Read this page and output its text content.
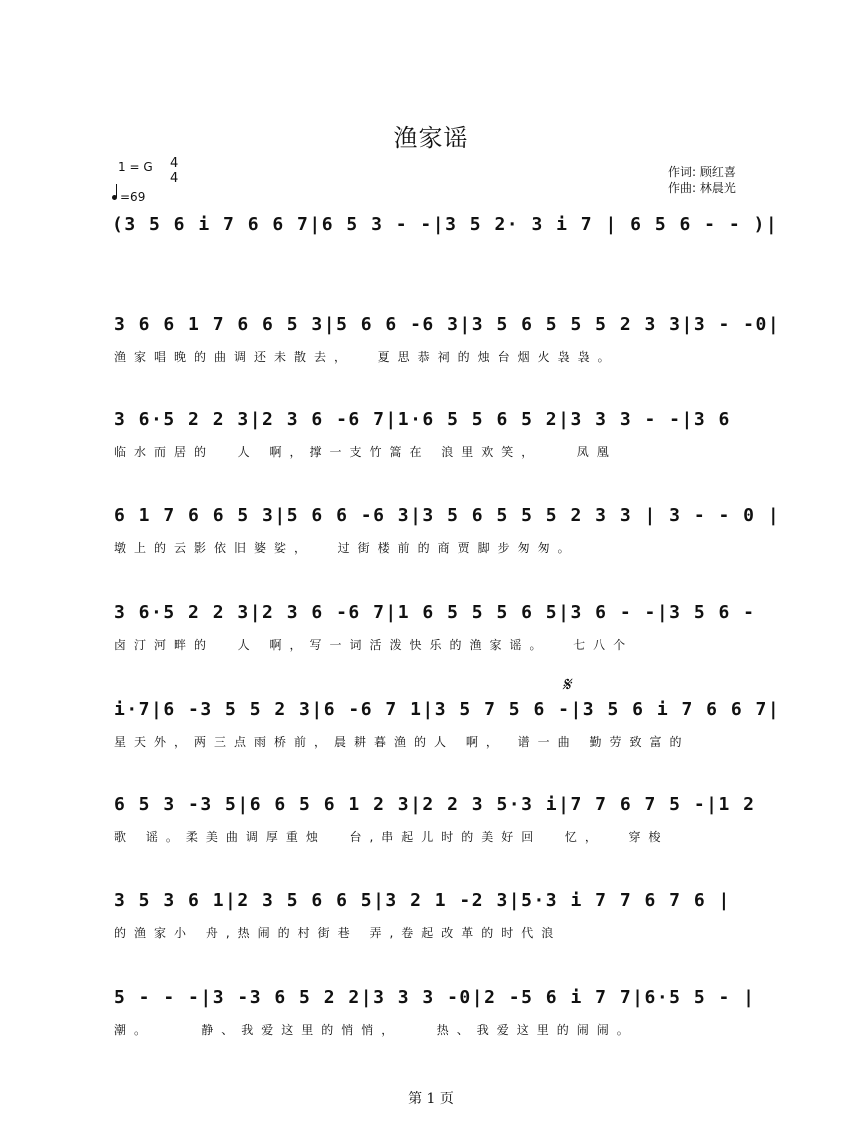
渔家谣
1 = G 4
4
=69
作词: 顾红喜
作曲: 林晨光
(3 5 6 i 7 6 6 7|6 5 3 - -|3 5 2· 3 i 7 | 6 5 6 - - )|
3 6 6 1 7 6 6 5 3|5 6 6 -6 3|3 5 6 5 5 5 2 3 3|3 - -0|
渔家唱晚的曲调还未散去，  夏思恭祠的烛台烟火袅袅。
3 6·5 2 2 3|2 3 6 -6 7|1·6 5 5 6 5 2|3 3 3 - -|3 6
临水而居的  人 啊，撑一支竹篙在 浪里欢笑，   凤凰
6 1 7 6 6 5 3|5 6 6 -6 3|3 5 6 5 5 5 2 3 3 | 3 - - 0 |
墩上的云影依旧婆娑，  过街楼前的商贾脚步匆匆。
3 6·5 2 2 3|2 3 6 -6 7|1 6 5 5 5 6 5|3 6 - -|3 5 6 -
卤汀河畔的  人 啊，写一词活泼快乐的渔家谣。  七八个
𝄋
i·7|6 -3 5 5 2 3|6 -6 7 1|3 5 7 5 6 -|3 5 6 i 7 6 6 7|
星天外，两三点雨桥前，晨耕暮渔的人 啊， 谱一曲 勤劳致富的
6 5 3 -3 5|6 6 5 6 1 2 3|2 2 3 5·3 i|7 7 6 7 5 -|1 2
歌 谣。柔美曲调厚重烛  台,串起儿时的美好回  忆，  穿梭
3 5 3 6 1|2 3 5 6 6 5|3 2 1 -2 3|5·3 i 7 7 6 7 6 |
的渔家小 舟,热闹的村街巷 弄,卷起改革的时代浪
5 - - -|3 -3 6 5 2 2|3 3 3 -0|2 -5 6 i 7 7|6·5 5 - |
潮。    静、我爱这里的悄悄，   热、我爱这里的闹闹。
第 1 页
